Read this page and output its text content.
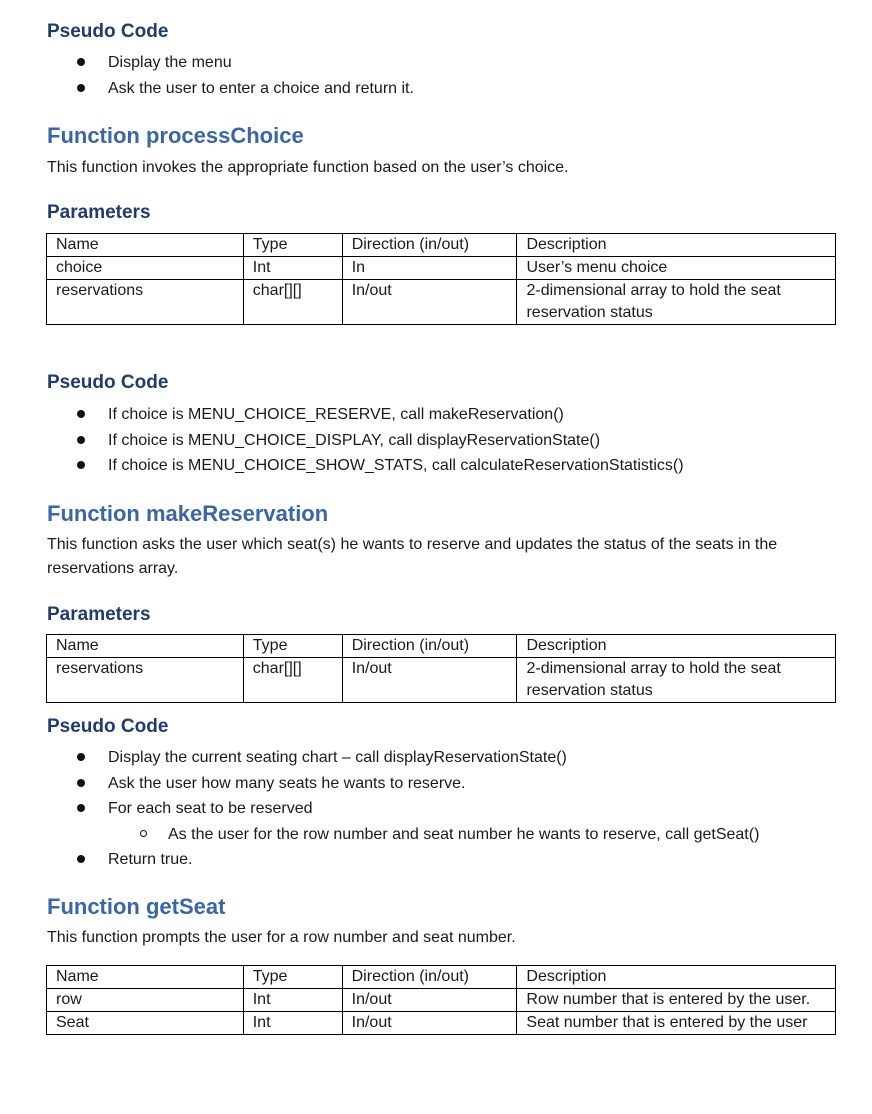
Pseudo Code
Display the menu
Ask the user to enter a choice and return it.
Function processChoice
This function invokes the appropriate function based on the user’s choice.
Parameters
Name	Type	Direction (in/out)	Description
choice	Int	In	User’s menu choice
reservations	char[][]	In/out	2-dimensional array to hold the seat reservation status
Pseudo Code
If choice is MENU_CHOICE_RESERVE, call makeReservation()
If choice is MENU_CHOICE_DISPLAY, call displayReservationState()
If choice is MENU_CHOICE_SHOW_STATS, call calculateReservationStatistics()
Function makeReservation
This function asks the user which seat(s) he wants to reserve and updates the status of the seats in the reservations array.
Parameters
Name	Type	Direction (in/out)	Description
reservations	char[][]	In/out	2-dimensional array to hold the seat reservation status
Pseudo Code
Display the current seating chart – call displayReservationState()
Ask the user how many seats he wants to reserve.
For each seat to be reserved
As the user for the row number and seat number he wants to reserve, call getSeat()
Return true.
Function getSeat
This function prompts the user for a row number and seat number.
Name	Type	Direction (in/out)	Description
row	Int	In/out	Row number that is entered by the user.
Seat	Int	In/out	Seat number that is entered by the user
